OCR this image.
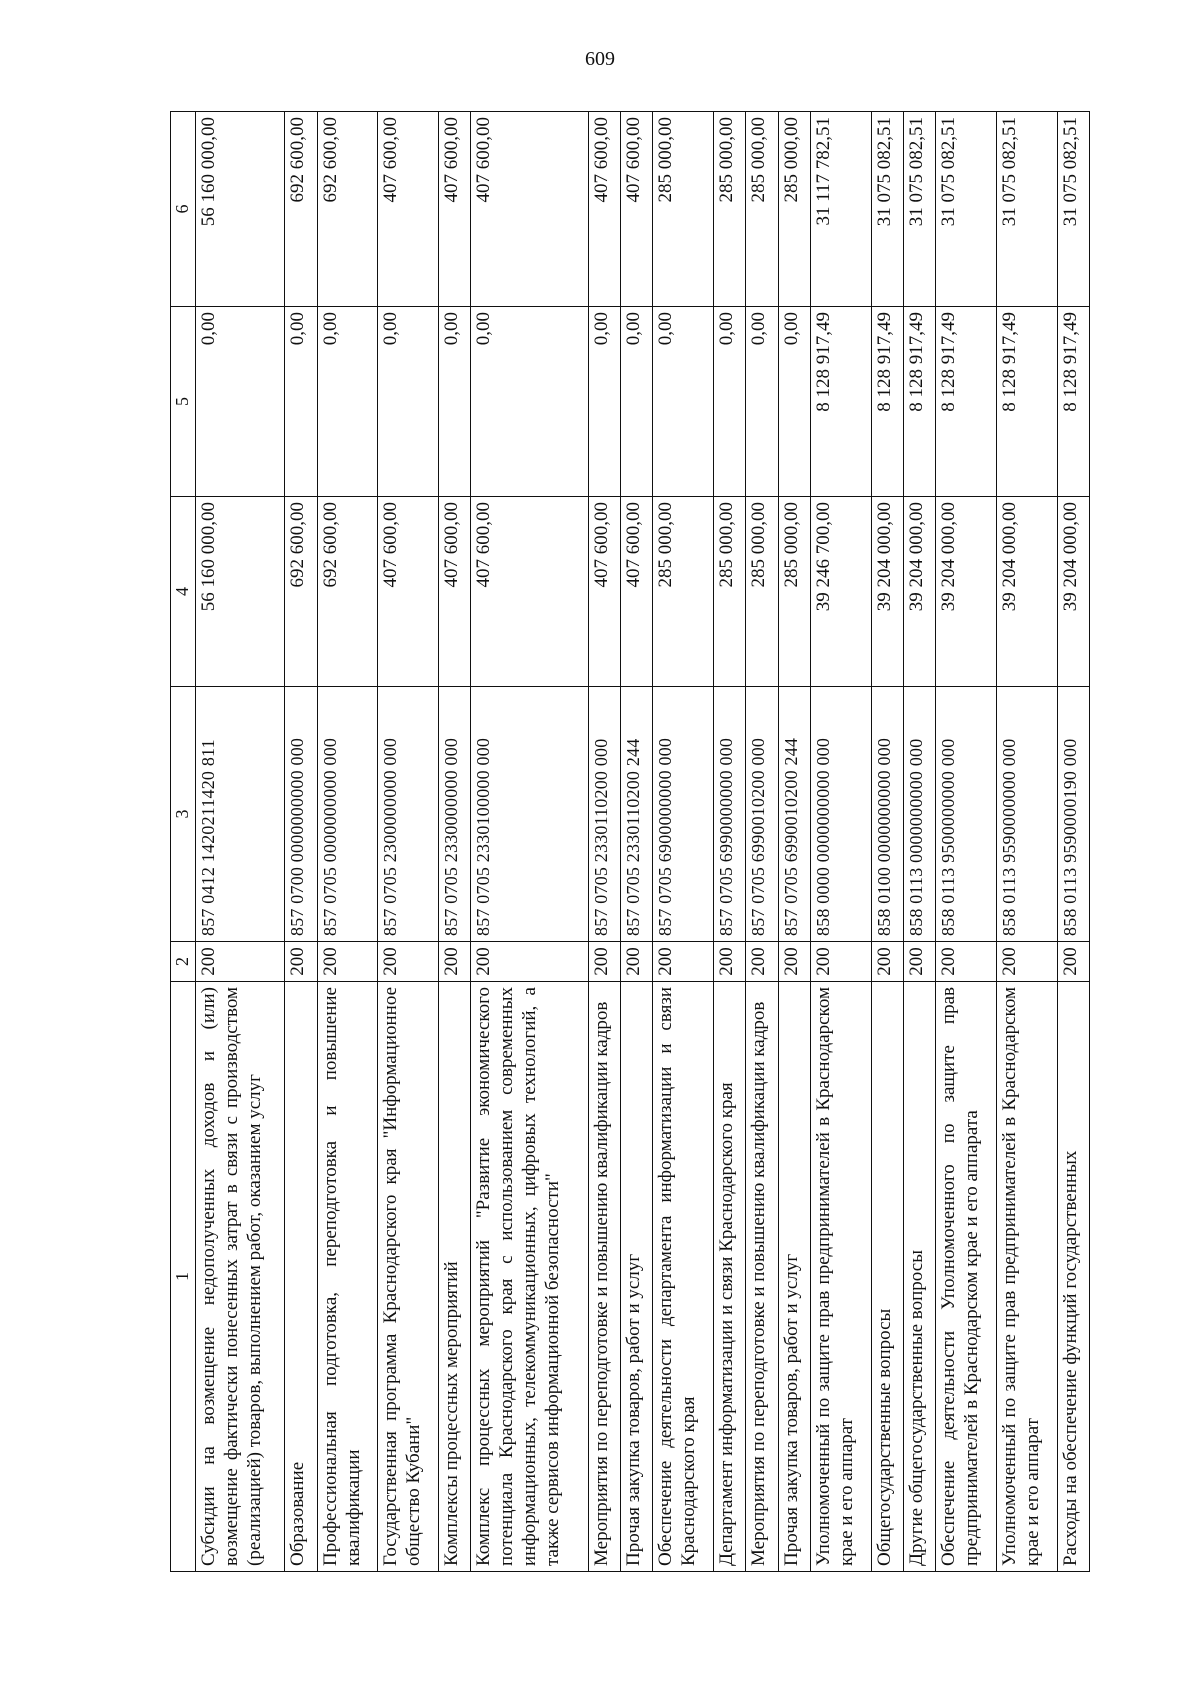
609
1	2	3	4	5	6
Субсидии на возмещение недополученных доходов и (или) возмещение фактически понесенных затрат в связи с производством (реализацией) товаров, выполнением работ, оказанием услуг	200	857 0412 1420211420 811	56 160 000,00	0,00	56 160 000,00
Образование	200	857 0700 0000000000 000	692 600,00	0,00	692 600,00
Профессиональная подготовка, переподготовка и повышение квалификации	200	857 0705 0000000000 000	692 600,00	0,00	692 600,00
Государственная программа Краснодарского края "Информационное общество Кубани"	200	857 0705 2300000000 000	407 600,00	0,00	407 600,00
Комплексы процессных мероприятий	200	857 0705 2330000000 000	407 600,00	0,00	407 600,00
Комплекс процессных мероприятий "Развитие экономического потенциала Краснодарского края с использованием современных информационных, телекоммуникационных, цифровых технологий, а также сервисов информационной безопасности"	200	857 0705 2330100000 000	407 600,00	0,00	407 600,00
Мероприятия по переподготовке и повышению квалификации кадров	200	857 0705 2330110200 000	407 600,00	0,00	407 600,00
Прочая закупка товаров, работ и услуг	200	857 0705 2330110200 244	407 600,00	0,00	407 600,00
Обеспечение деятельности департамента информатизации и связи Краснодарского края	200	857 0705 6900000000 000	285 000,00	0,00	285 000,00
Департамент информатизации и связи Краснодарского края	200	857 0705 6990000000 000	285 000,00	0,00	285 000,00
Мероприятия по переподготовке и повышению квалификации кадров	200	857 0705 6990010200 000	285 000,00	0,00	285 000,00
Прочая закупка товаров, работ и услуг	200	857 0705 6990010200 244	285 000,00	0,00	285 000,00
Уполномоченный по защите прав предпринимателей в Краснодарском крае и его аппарат	200	858 0000 0000000000 000	39 246 700,00	8 128 917,49	31 117 782,51
Общегосударственные вопросы	200	858 0100 0000000000 000	39 204 000,00	8 128 917,49	31 075 082,51
Другие общегосударственные вопросы	200	858 0113 0000000000 000	39 204 000,00	8 128 917,49	31 075 082,51
Обеспечение деятельности Уполномоченного по защите прав предпринимателей в Краснодарском крае и его аппарата	200	858 0113 9500000000 000	39 204 000,00	8 128 917,49	31 075 082,51
Уполномоченный по защите прав предпринимателей в Краснодарском крае и его аппарат	200	858 0113 9590000000 000	39 204 000,00	8 128 917,49	31 075 082,51
Расходы на обеспечение функций государственных	200	858 0113 9590000190 000	39 204 000,00	8 128 917,49	31 075 082,51
